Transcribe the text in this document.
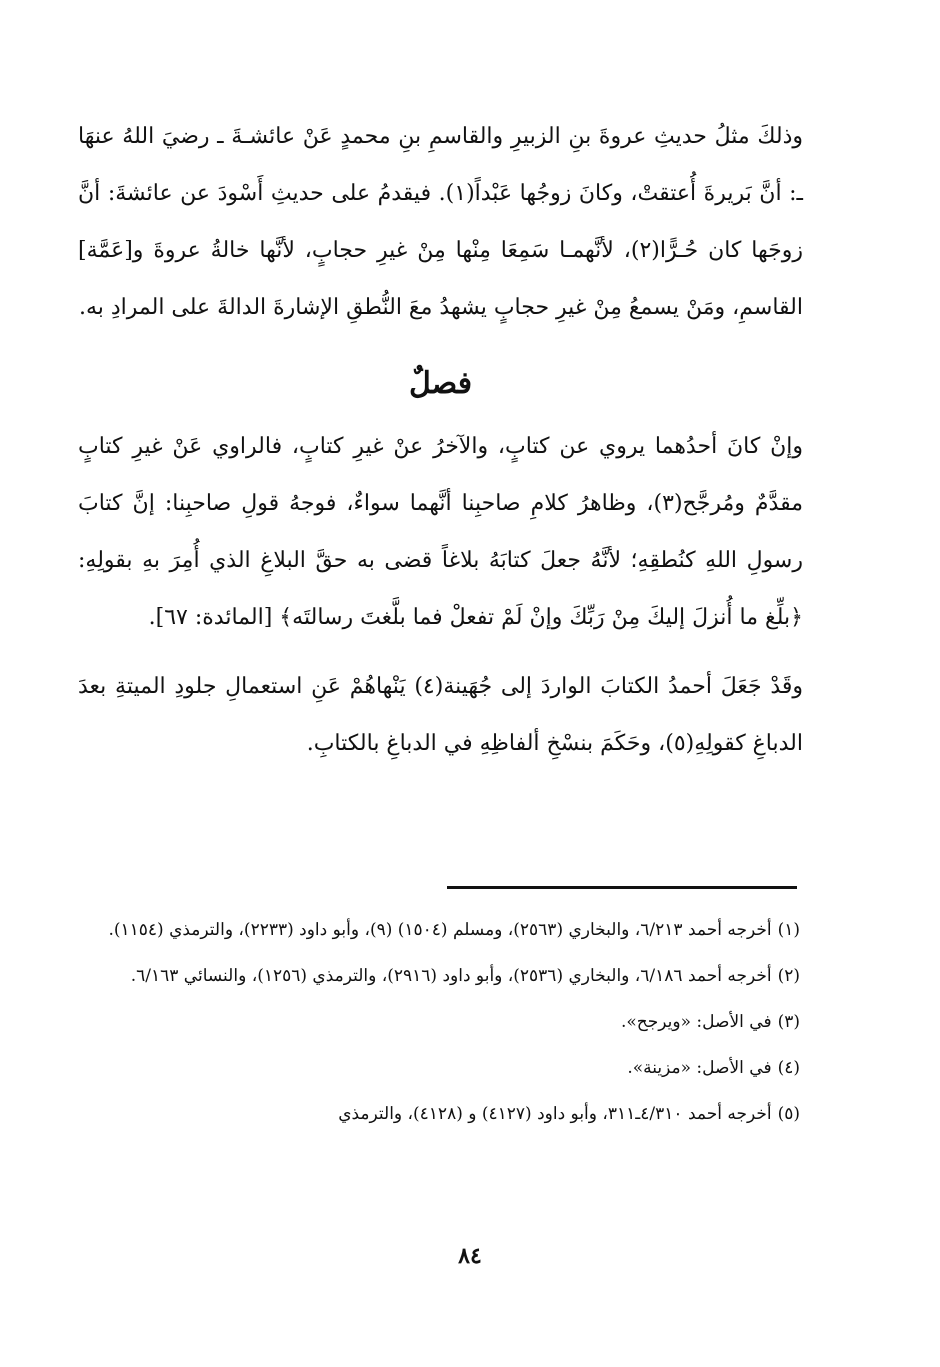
وذلكَ مثلُ حديثِ عروةَ بنِ الزبيرِ والقاسمِ بنِ محمدٍ عَنْ عائشـةَ ـ رضيَ اللهُ عنهَا ـ: أنَّ بَريرةَ أُعتقتْ، وكانَ زوجُها عَبْداً(١). فيقدمُ على حديثِ أَسْودَ عن عائشةَ: أنَّ زوجَها كان حُـرًّا(٢)، لأنَّهمـا سَمِعَا مِنْها مِنْ غيرِ حجابٍ، لأنَّها خالةُ عروةَ و[عَمَّة] القاسمِ، ومَنْ يسمعُ مِنْ غيرِ حجابٍ يشهدُ معَ النُّطقِ الإشارةَ الدالةَ على المرادِ به.

فصلٌ

وإنْ كانَ أحدُهما يروي عن كتابٍ، والآخرُ عنْ غيرِ كتابٍ، فالراوي عَنْ غيرِ كتابٍ مقدَّمٌ ومُرجَّح(٣)، وظاهرُ كلامِ صاحبِنا أنَّهما سواءٌ، فوجهُ قولِ صاحبِنا: إنَّ كتابَ رسولِ اللهِ كنُطقِهِ؛ لأنَّهُ جعلَ كتابَهُ بلاغاً قضى به حقَّ البلاغِ الذي أُمِرَ بهِ بقولِهِ: ﴿بلِّغ ما أُنزلَ إليكَ مِنْ رَبِّكَ وإنْ لَمْ تفعلْ فما بلَّغتَ رسالتَه﴾ [المائدة: ٦٧].

وقَدْ جَعَلَ أحمدُ الكتابَ الواردَ إلى جُهَينة(٤) يَنْهاهُمْ عَنِ استعمالِ جلودِ الميتةِ بعدَ الدباغِ كقولِهِ(٥)، وحَكَمَ بنسْخِ ألفاظِهِ في الدباغِ بالكتابِ.

(١)أخرجه أحمد ٦/٢١٣، والبخاري (٢٥٦٣)، ومسلم (١٥٠٤) (٩)، وأبو داود (٢٢٣٣)، والترمذي (١١٥٤).

(٢)أخرجه أحمد ٦/١٨٦، والبخاري (٢٥٣٦)، وأبو داود (٢٩١٦)، والترمذي (١٢٥٦)، والنسائي ٦/١٦٣.

(٣)في الأصل: «ويرجح».

(٤)في الأصل: «مزينة».

(٥)أخرجه أحمد ٤/٣١٠ـ٣١١، وأبو داود (٤١٢٧) و (٤١٢٨)، والترمذي

٨٤
